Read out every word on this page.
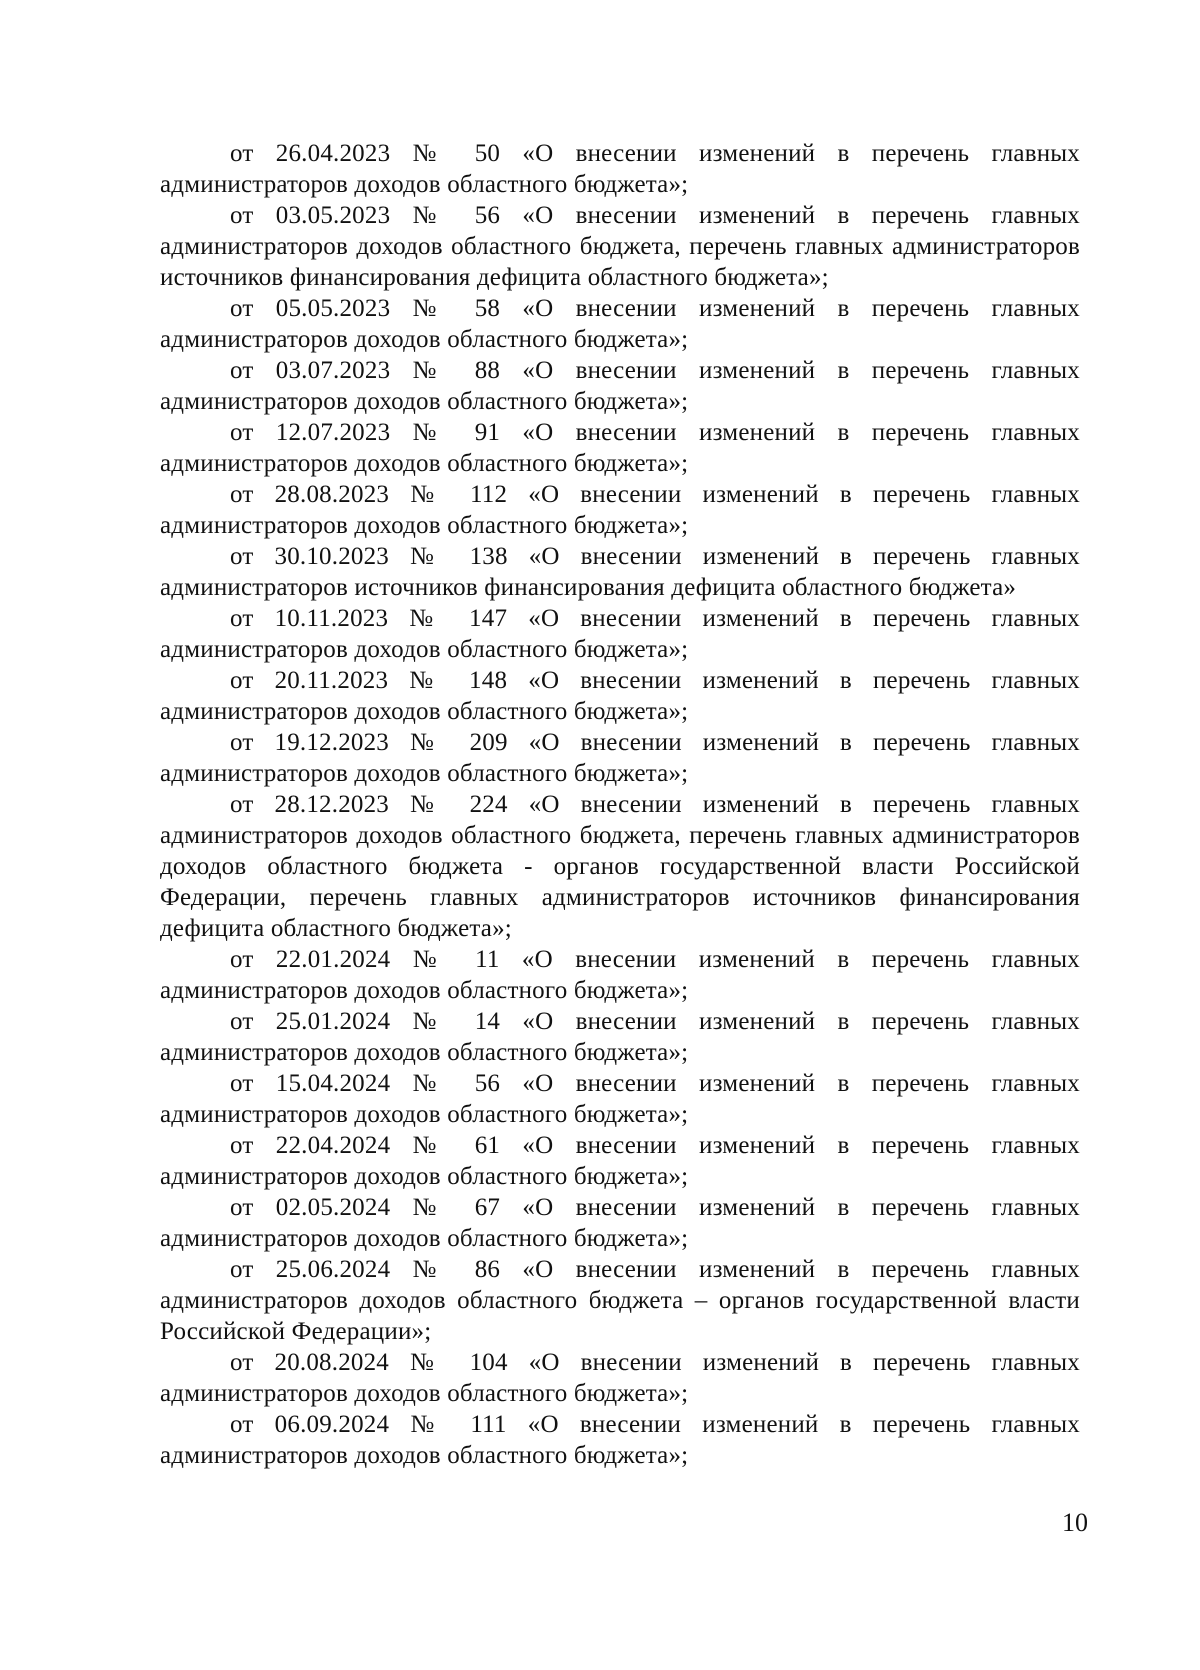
от 26.04.2023 № 50 «О внесении изменений в перечень главных администраторов доходов областного бюджета»;

от 03.05.2023 № 56 «О внесении изменений в перечень главных администраторов доходов областного бюджета, перечень главных администраторов источников финансирования дефицита областного бюджета»;

от 05.05.2023 № 58 «О внесении изменений в перечень главных администраторов доходов областного бюджета»;

от 03.07.2023 № 88 «О внесении изменений в перечень главных администраторов доходов областного бюджета»;

от 12.07.2023 № 91 «О внесении изменений в перечень главных администраторов доходов областного бюджета»;

от 28.08.2023 № 112 «О внесении изменений в перечень главных администраторов доходов областного бюджета»;

от 30.10.2023 № 138 «О внесении изменений в перечень главных администраторов источников финансирования дефицита областного бюджета»

от 10.11.2023 № 147 «О внесении изменений в перечень главных администраторов доходов областного бюджета»;

от 20.11.2023 № 148 «О внесении изменений в перечень главных администраторов доходов областного бюджета»;

от 19.12.2023 № 209 «О внесении изменений в перечень главных администраторов доходов областного бюджета»;

от 28.12.2023 № 224 «О внесении изменений в перечень главных администраторов доходов областного бюджета, перечень главных администраторов доходов областного бюджета - органов государственной власти Российской Федерации, перечень главных администраторов источников финансирования дефицита областного бюджета»;

от 22.01.2024 № 11 «О внесении изменений в перечень главных администраторов доходов областного бюджета»;

от 25.01.2024 № 14 «О внесении изменений в перечень главных администраторов доходов областного бюджета»;

от 15.04.2024 № 56 «О внесении изменений в перечень главных администраторов доходов областного бюджета»;

от 22.04.2024 № 61 «О внесении изменений в перечень главных администраторов доходов областного бюджета»;

от 02.05.2024 № 67 «О внесении изменений в перечень главных администраторов доходов областного бюджета»;

от 25.06.2024 № 86 «О внесении изменений в перечень главных администраторов доходов областного бюджета – органов государственной власти Российской Федерации»;

от 20.08.2024 № 104 «О внесении изменений в перечень главных администраторов доходов областного бюджета»;

от 06.09.2024 № 111 «О внесении изменений в перечень главных администраторов доходов областного бюджета»;

10
